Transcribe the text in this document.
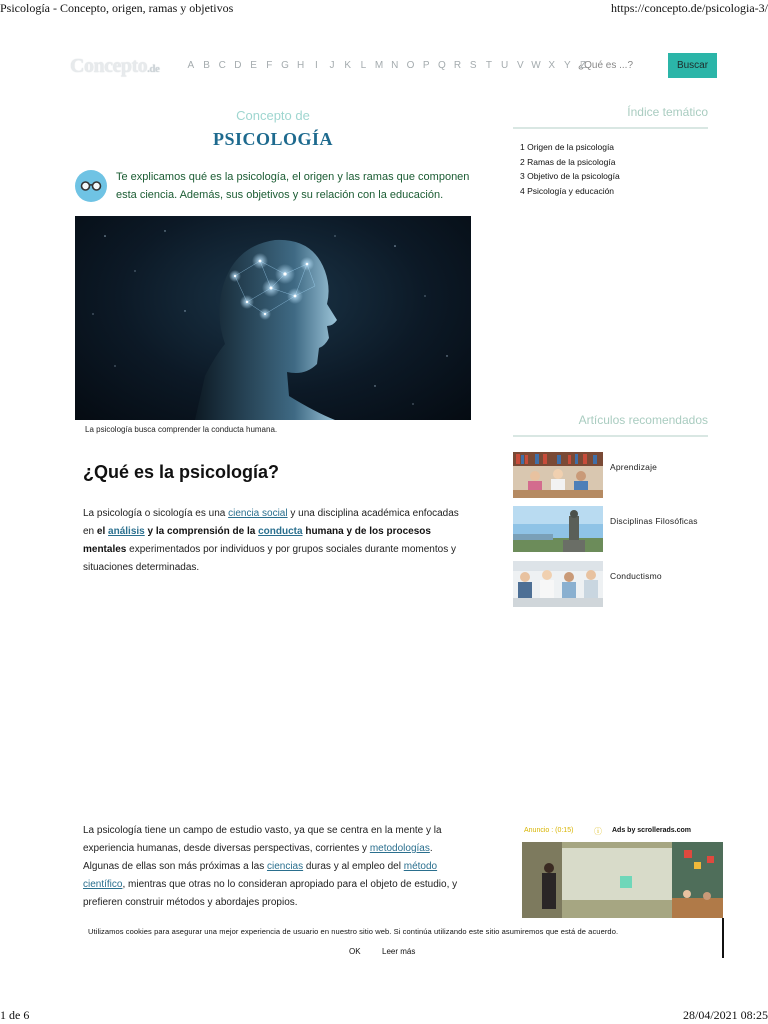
Psicología - Concepto, origen, ramas y objetivos	https://concepto.de/psicologia-3/
Concepto.de	A B C D E F G H	I	J K L M N O P Q R S T U V W X Y Z
¿Qué es ...?	Buscar
Concepto de
PSICOLOGÍA

Te explicamos qué es la psicología, el origen y las ramas que componen esta ciencia. Además, sus objetivos y su relación con la educación.

La psicología busca comprender la conducta humana.

¿Qué es la psicología?

La psicología o sicología es una ciencia social y una disciplina académica enfocadas en el análisis y la comprensión de la conducta humana y de los procesos mentales experimentados por individuos y por grupos sociales durante momentos y situaciones determinadas.

La psicología tiene un campo de estudio vasto, ya que se centra en la mente y la experiencia humanas, desde diversas perspectivas, corrientes y metodologías. Algunas de ellas son más próximas a las ciencias duras y al empleo del método científico, mientras que otras no lo consideran apropiado para el objeto de estudio, y prefieren construir métodos y abordajes propios.

Índice temático
1 Origen de la psicología
2 Ramas de la psicología
3 Objetivo de la psicología
4 Psicología y educación
Artículos recomendados
Aprendizaje
Disciplinas Filosóficas
Conductismo
Anuncio : (0:15)	ⓘ Ads by scrollerads.com

Utilizamos cookies para asegurar una mejor experiencia de usuario en nuestro sitio web. Si continúa utilizando este sitio asumiremos que está de acuerdo.

OK	Leer más
1 de 6	28/04/2021 08:25
